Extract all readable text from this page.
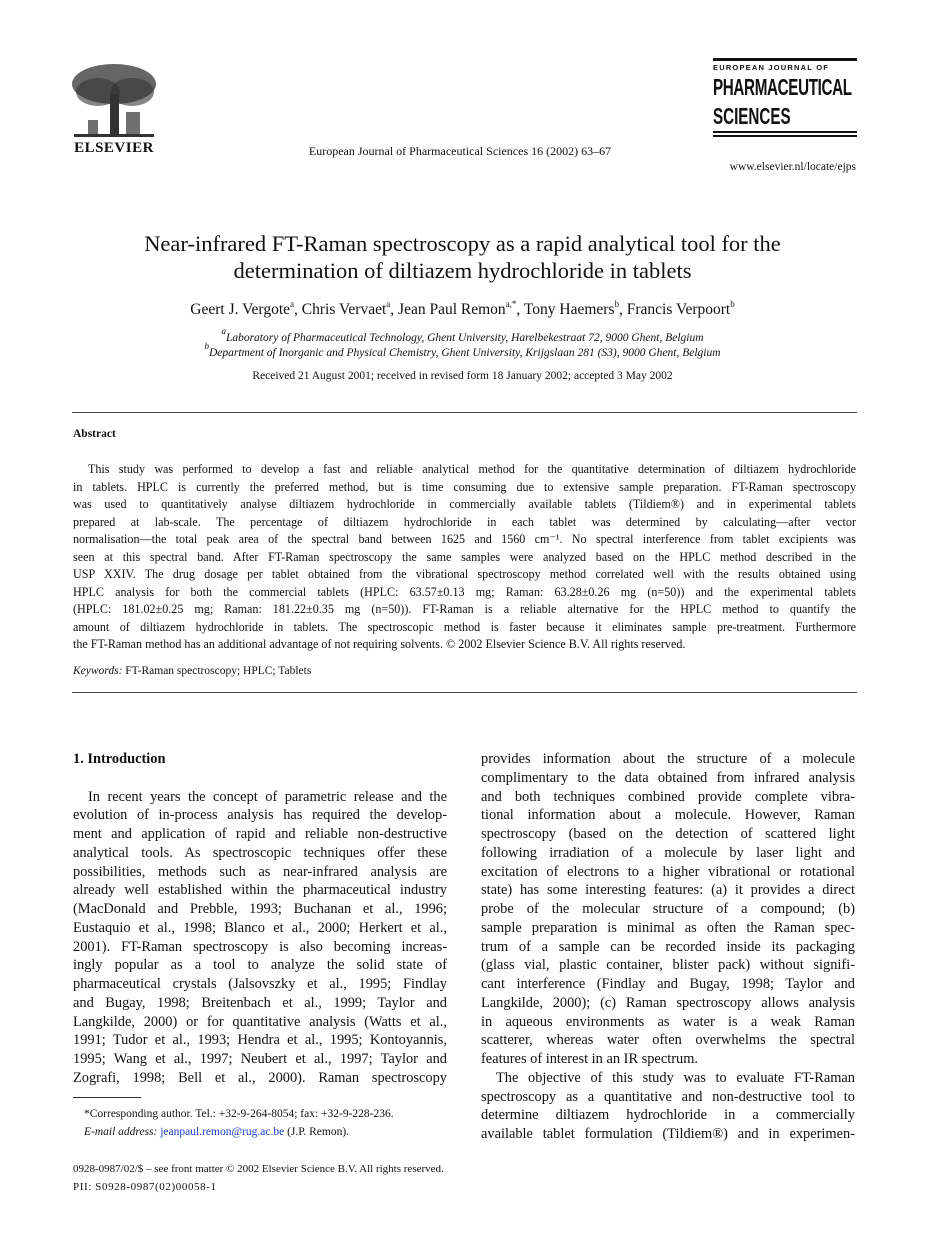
ELSEVIER	European Journal of Pharmaceutical Sciences 16 (2002) 63–67
EUROPEAN JOURNAL OF
PHARMACEUTICAL
SCIENCES
www.elsevier.nl/locate/ejps
Near-infrared FT-Raman spectroscopy as a rapid analytical tool for the
determination of diltiazem hydrochloride in tablets
Geert J. Vergote$^a$, Chris Vervaet$^a$, Jean Paul Remon$^{a,*}$, Tony Haemers$^b$, Francis Verpoort$^b$
$^a$Laboratory of Pharmaceutical Technology, Ghent University, Harelbekestraat 72, 9000 Ghent, Belgium
$^b$Department of Inorganic and Physical Chemistry, Ghent University, Krijgslaan 281 (S3), 9000 Ghent, Belgium
Received 21 August 2001; received in revised form 18 January 2002; accepted 3 May 2002
Abstract
This study was performed to develop a fast and reliable analytical method for the quantitative determination of diltiazem hydrochloride
in tablets. HPLC is currently the preferred method, but is time consuming due to extensive sample preparation. FT-Raman spectroscopy
was used to quantitatively analyse diltiazem hydrochloride in commercially available tablets (Tildiem®) and in experimental tablets
prepared at lab-scale. The percentage of diltiazem hydrochloride in each tablet was determined by calculating—after vector
normalisation—the total peak area of the spectral band between 1625 and 1560 cm⁻¹. No spectral interference from tablet excipients was
seen at this spectral band. After FT-Raman spectroscopy the same samples were analyzed based on the HPLC method described in the
USP XXIV. The drug dosage per tablet obtained from the vibrational spectroscopy method correlated well with the results obtained using
HPLC analysis for both the commercial tablets (HPLC: 63.57±0.13 mg; Raman: 63.28±0.26 mg (n=50)) and the experimental tablets
(HPLC: 181.02±0.25 mg; Raman: 181.22±0.35 mg (n=50)). FT-Raman is a reliable alternative for the HPLC method to quantify the
amount of diltiazem hydrochloride in tablets. The spectroscopic method is faster because it eliminates sample pre-treatment. Furthermore
the FT-Raman method has an additional advantage of not requiring solvents. © 2002 Elsevier Science B.V. All rights reserved.
Keywords: FT-Raman spectroscopy; HPLC; Tablets
1. Introduction
In recent years the concept of parametric release and the
evolution of in-process analysis has required the develop-
ment and application of rapid and reliable non-destructive
analytical tools. As spectroscopic techniques offer these
possibilities, methods such as near-infrared analysis are
already well established within the pharmaceutical industry
(MacDonald and Prebble, 1993; Buchanan et al., 1996;
Eustaquio et al., 1998; Blanco et al., 2000; Herkert et al.,
2001). FT-Raman spectroscopy is also becoming increas-
ingly popular as a tool to analyze the solid state of
pharmaceutical crystals (Jalsovszky et al., 1995; Findlay
and Bugay, 1998; Breitenbach et al., 1999; Taylor and
Langkilde, 2000) or for quantitative analysis (Watts et al.,
1991; Tudor et al., 1993; Hendra et al., 1995; Kontoyannis,
1995; Wang et al., 1997; Neubert et al., 1997; Taylor and
Zografi, 1998; Bell et al., 2000). Raman spectroscopy
provides information about the structure of a molecule
complimentary to the data obtained from infrared analysis
and both techniques combined provide complete vibra-
tional information about a molecule. However, Raman
spectroscopy (based on the detection of scattered light
following irradiation of a molecule by laser light and
excitation of electrons to a higher vibrational or rotational
state) has some interesting features: (a) it provides a direct
probe of the molecular structure of a compound; (b)
sample preparation is minimal as often the Raman spec-
trum of a sample can be recorded inside its packaging
(glass vial, plastic container, blister pack) without signifi-
cant interference (Findlay and Bugay, 1998; Taylor and
Langkilde, 2000); (c) Raman spectroscopy allows analysis
in aqueous environments as water is a weak Raman
scatterer, whereas water often overwhelms the spectral
features of interest in an IR spectrum.
The objective of this study was to evaluate FT-Raman
spectroscopy as a quantitative and non-destructive tool to
determine diltiazem hydrochloride in a commercially
available tablet formulation (Tildiem®) and in experimen-
*Corresponding author. Tel.: +32-9-264-8054; fax: +32-9-228-236.
E-mail address: jeanpaul.remon@rug.ac.be (J.P. Remon).
0928-0987/02/$ – see front matter © 2002 Elsevier Science B.V. All rights reserved.
PII: S0928-0987(02)00058-1
